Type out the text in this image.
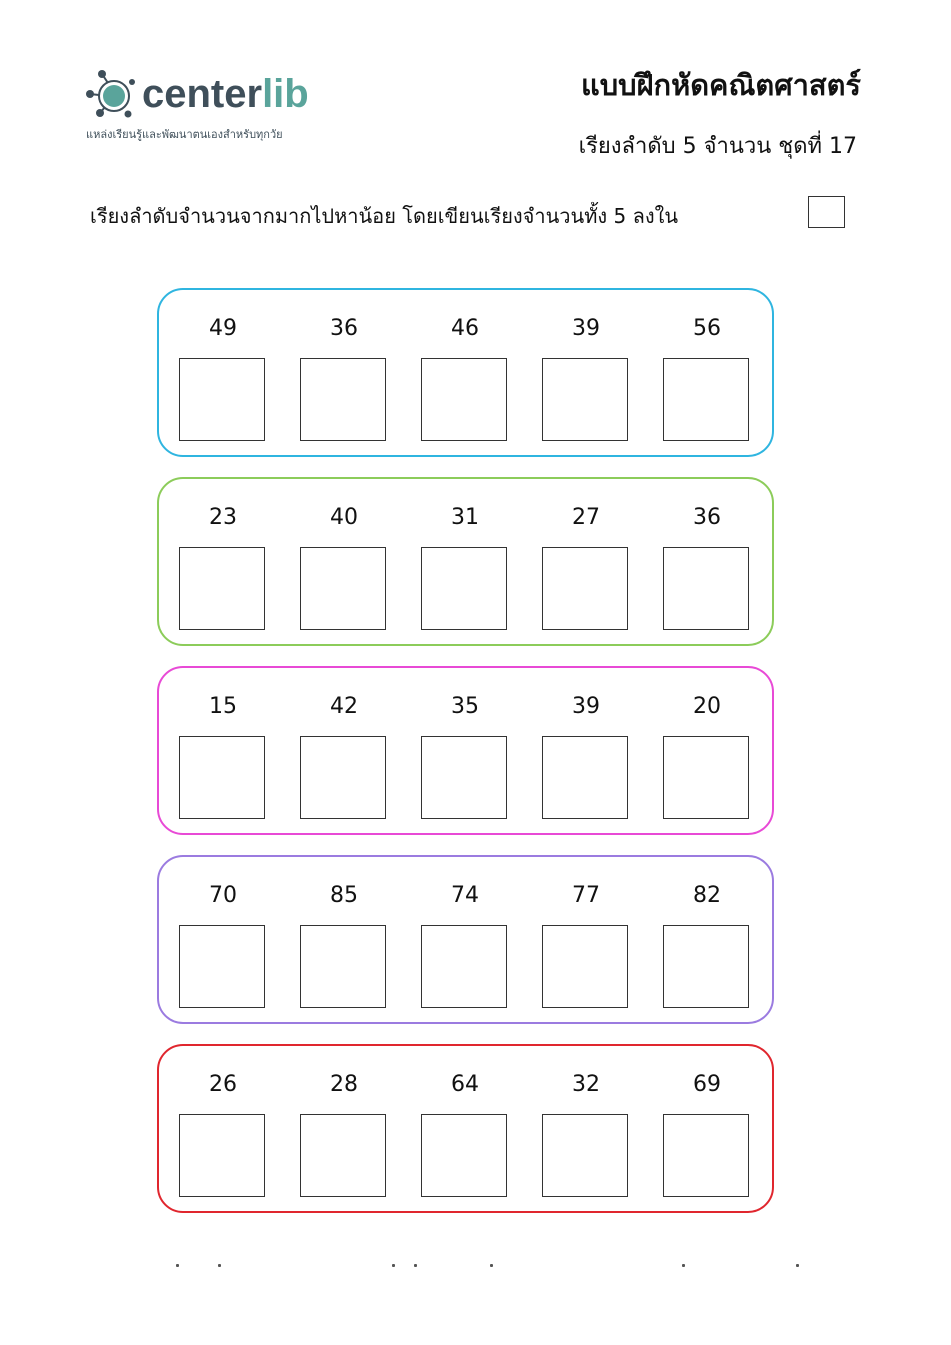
centerlib
แหล่งเรียนรู้และพัฒนาตนเองสำหรับทุกวัย
แบบฝึกหัดคณิตศาสตร์
เรียงลำดับ 5 จำนวน ชุดที่ 17
เรียงลำดับจำนวนจากมากไปหาน้อย โดยเขียนเรียงจำนวนทั้ง 5 ลงใน
49	36	46	39	56
23	40	31	27	36
15	42	35	39	20
70	85	74	77	82
26	28	64	32	69
